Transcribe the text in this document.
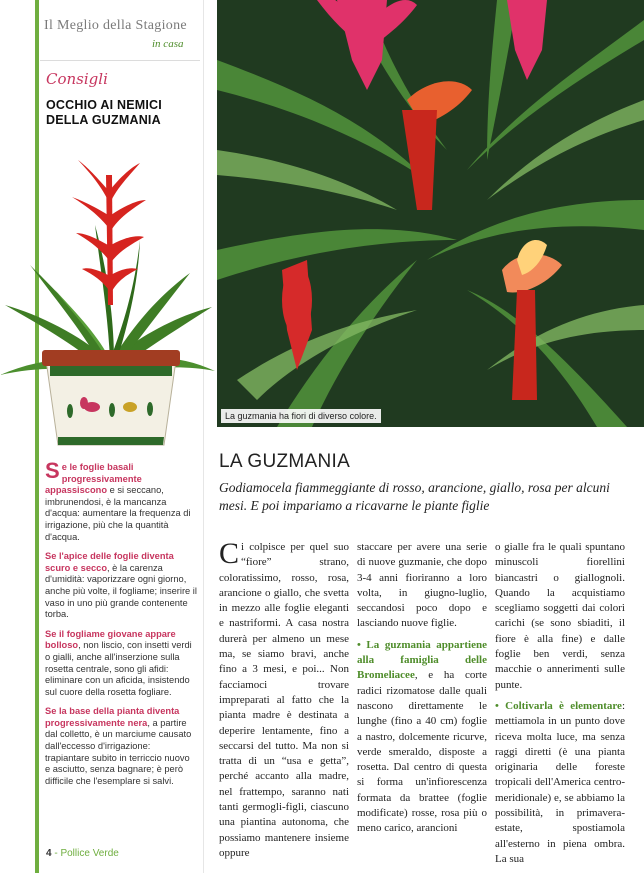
Il Meglio della Stagione
in casa
Consigli
OCCHIO AI NEMICI DELLA GUZMANIA
Se le foglie basali progressivamente appassiscono e si seccano, imbrunendosi, è la mancanza d'acqua: aumentare la frequenza di irrigazione, più che la quantità d'acqua.
Se l'apice delle foglie diventa scuro e secco, è la carenza d'umidità: vaporizzare ogni giorno, anche più volte, il fogliame; inserire il vaso in uno più grande contenente torba.
Se il fogliame giovane appare bolloso, non liscio, con insetti verdi o gialli, anche all'inserzione sulla rosetta centrale, sono gli afidi: eliminare con un aficida, insistendo sul cuore della rosetta fogliare.
Se la base della pianta diventa progressivamente nera, a partire dal colletto, è un marciume causato dall'eccesso d'irrigazione: trapiantare subito in terriccio nuovo e asciutto, senza bagnare; è però difficile che l'esemplare si salvi.
4 - Pollice Verde
La guzmania ha fiori di diverso colore.
LA GUZMANIA
Godiamocela fiammeggiante di rosso, arancione, giallo, rosa per alcuni mesi. E poi impariamo a ricavarne le piante figlie

Ci colpisce per quel suo “fiore” strano, coloratissimo, rosso, rosa, arancione o giallo, che svetta in mezzo alle foglie eleganti e nastriformi. A casa nostra durerà per almeno un mese ma, se siamo bravi, anche fino a 3 mesi, e poi... Non facciamoci trovare impreparati al fatto che la pianta madre è destinata a deperire lentamente, fino a seccarsi del tutto. Ma non si tratta di un “usa e getta”, perché accanto alla madre, nel frattempo, saranno nati tanti germogli-figli, ciascuno una piantina autonoma, che possiamo mantenere insieme oppure

staccare per avere una serie di nuove guzmanie, che dopo 3-4 anni fioriranno a loro volta, in giugno-luglio, seccandosi poco dopo e lasciando nuove figlie.

• La guzmania appartiene alla famiglia delle Bromeliacee, e ha corte radici rizomatose dalle quali nascono direttamente le lunghe (fino a 40 cm) foglie a nastro, dolcemente ricurve, verde smeraldo, disposte a rosetta. Dal centro di questa si forma un'infiorescenza formata da brattee (foglie modificate) rosse, rosa più o meno carico, arancioni

o gialle fra le quali spuntano minuscoli fiorellini biancastri o giallognoli. Quando la acquistiamo scegliamo soggetti dai colori carichi (se sono sbiaditi, il fiore è alla fine) e dalle foglie ben verdi, senza macchie o annerimenti sulle punte.

• Coltivarla è elementare: mettiamola in un punto dove riceva molta luce, ma senza raggi diretti (è una pianta originaria delle foreste tropicali dell'America centro-meridionale) e, se abbiamo la possibilità, in primavera-estate, spostiamola all'esterno in piena ombra. La sua
